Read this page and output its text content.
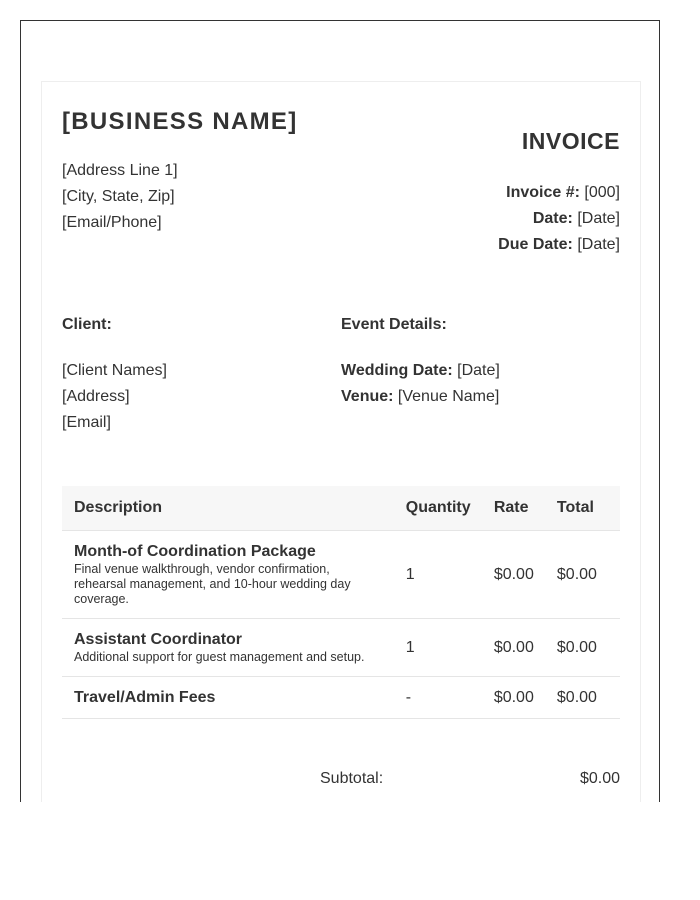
[BUSINESS NAME]
[Address Line 1]
[City, State, Zip]
[Email/Phone]
INVOICE
Invoice #: [000]
Date: [Date]
Due Date: [Date]
Client:
[Client Names]
[Address]
[Email]
Event Details:
Wedding Date: [Date]
Venue: [Venue Name]
Description	Quantity	Rate	Total

Month-of Coordination Package
Final venue walkthrough, vendor confirmation, rehearsal management, and 10-hour wedding day coverage.	1	$0.00	$0.00

Assistant Coordinator
Additional support for guest management and setup.	1	$0.00	$0.00

Travel/Admin Fees	-	$0.00	$0.00
Subtotal:	$0.00
